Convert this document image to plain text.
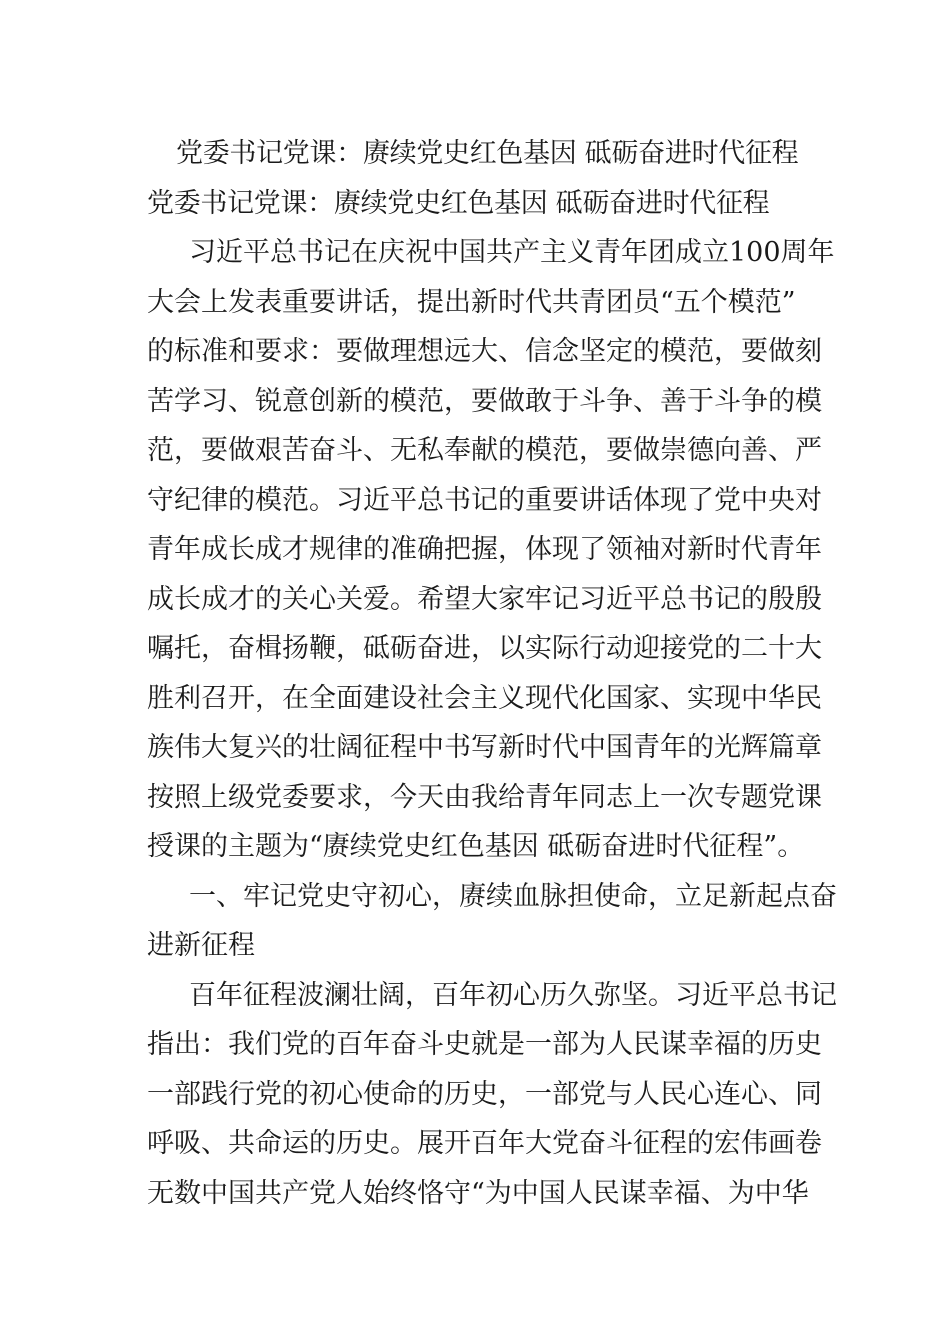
党委书记党课：赓续党史红色基因 砥砺奋进时代征程
党委书记党课：赓续党史红色基因 砥砺奋进时代征程
习近平总书记在庆祝中国共产主义青年团成立100周年
大会上发表重要讲话，提出新时代共青团员“五个模范”
的标准和要求：要做理想远大、信念坚定的模范，要做刻
苦学习、锐意创新的模范，要做敢于斗争、善于斗争的模
范，要做艰苦奋斗、无私奉献的模范，要做崇德向善、严
守纪律的模范。习近平总书记的重要讲话体现了党中央对
青年成长成才规律的准确把握，体现了领袖对新时代青年
成长成才的关心关爱。希望大家牢记习近平总书记的殷殷
嘱托，奋楫扬鞭，砥砺奋进，以实际行动迎接党的二十大
胜利召开，在全面建设社会主义现代化国家、实现中华民
族伟大复兴的壮阔征程中书写新时代中国青年的光辉篇章
按照上级党委要求，今天由我给青年同志上一次专题党课
授课的主题为“赓续党史红色基因 砥砺奋进时代征程”。
一、牢记党史守初心，赓续血脉担使命，立足新起点奋
进新征程
百年征程波澜壮阔，百年初心历久弥坚。习近平总书记
指出：我们党的百年奋斗史就是一部为人民谋幸福的历史
一部践行党的初心使命的历史，一部党与人民心连心、同
呼吸、共命运的历史。展开百年大党奋斗征程的宏伟画卷
无数中国共产党人始终恪守“为中国人民谋幸福、为中华
